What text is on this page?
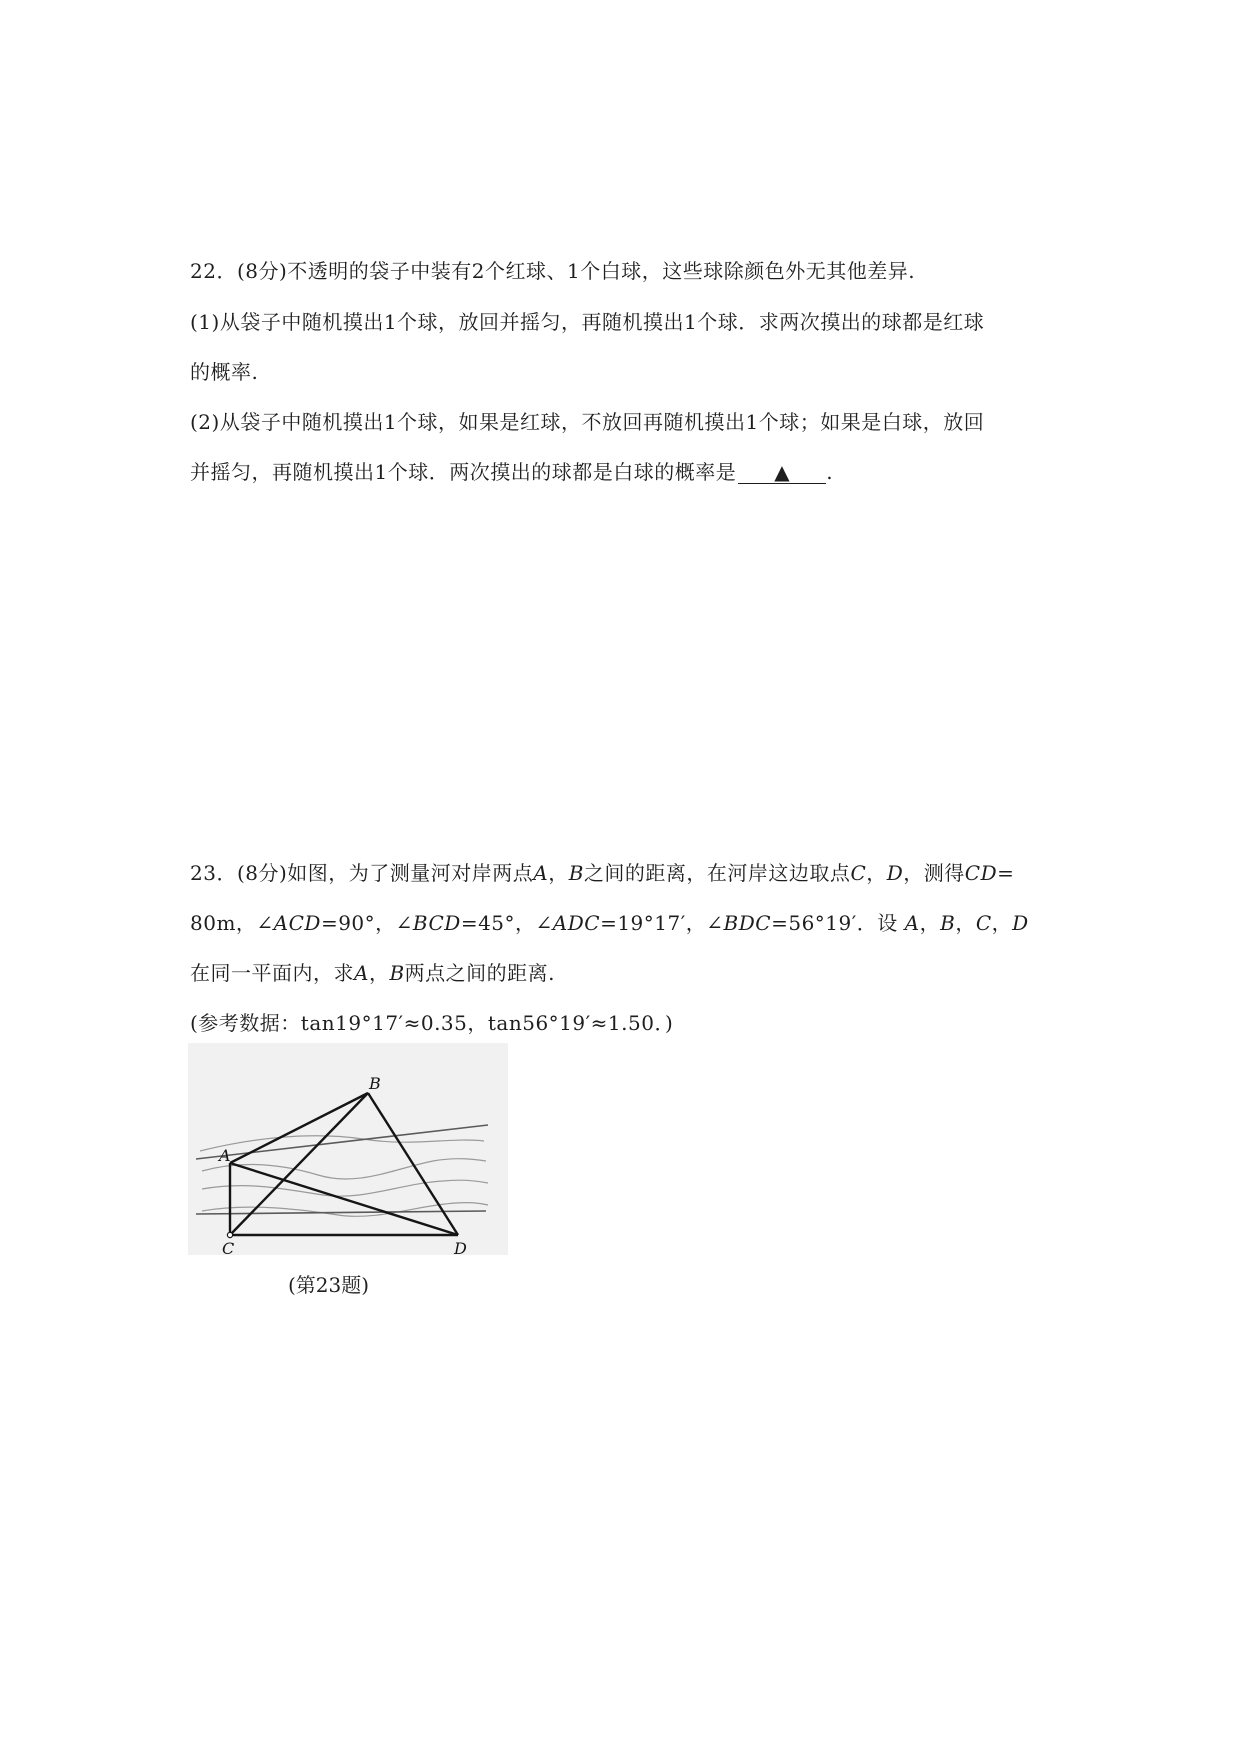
22．(8分)不透明的袋子中装有2个红球、1个白球，这些球除颜色外无其他差异.
(1)从袋子中随机摸出1个球，放回并摇匀，再随机摸出1个球．求两次摸出的球都是红球
的概率.
(2)从袋子中随机摸出1个球，如果是红球，不放回再随机摸出1个球；如果是白球，放回
并摇匀，再随机摸出1个球．两次摸出的球都是白球的概率是 ▲ .
23．(8分)如图，为了测量河对岸两点A，B之间的距离，在河岸这边取点C，D，测得CD=
80m，∠ACD=90°，∠BCD=45°，∠ADC=19°17′，∠BDC=56°19′．设 A，B，C，D
在同一平面内，求A，B两点之间的距离.
(参考数据：tan19°17′≈0.35，tan56°19′≈1.50．)
B
A
C	D
(第23题)
